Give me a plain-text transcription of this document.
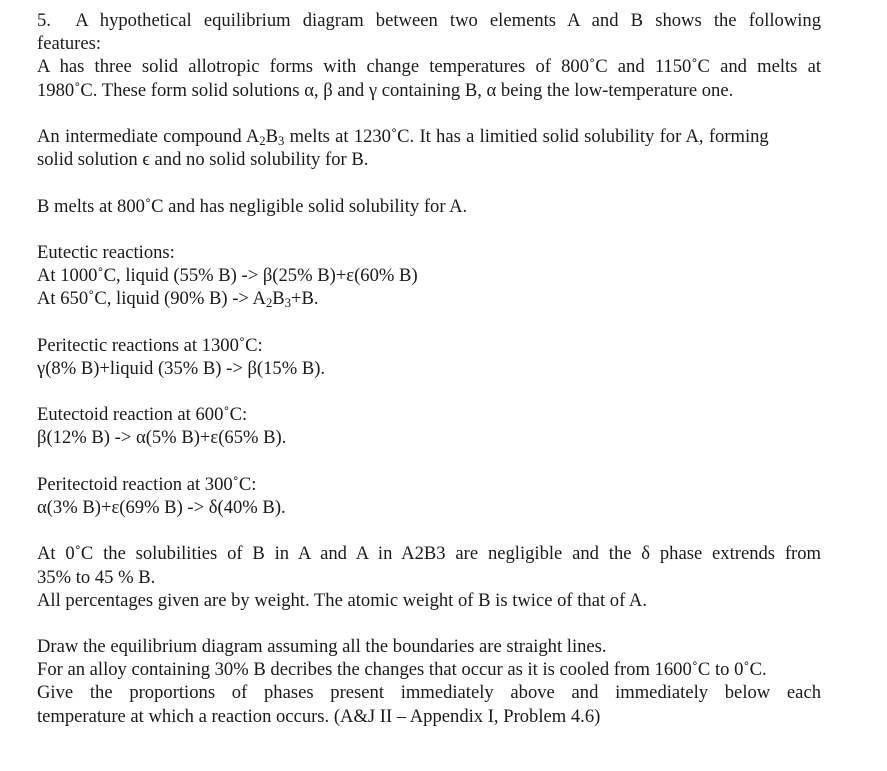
5. A hypothetical equilibrium diagram between two elements A and B shows the following
features:
A has three solid allotropic forms with change temperatures of 800˚C and 1150˚C and melts at
1980˚C. These form solid solutions α, β and γ containing B, α being the low-temperature one.
An intermediate compound $A_2B_3$ melts at 1230˚C. It has a limitied solid solubility for A, forming
solid solution ϵ and no solid solubility for B.
B melts at 800˚C and has negligible solid solubility for A.
Eutectic reactions:
At 1000˚C, liquid (55% B) -> β(25% B)+ε(60% B)
At 650˚C, liquid (90% $B) -> A_2B_3+B$.
Peritectic reactions at 1300˚C:
γ(8% B)+liquid (35% B) -> β(15% B).
Eutectoid reaction at 600˚C:
β(12% B) -> α(5% B)+ε(65% B).
Peritectoid reaction at 300˚C:
α(3% B)+ε(69% B) -> δ(40% B).
At 0˚C the solubilities of B in A and A in A2B3 are negligible and the δ phase extrends from
35% to 45 % B.
All percentages given are by weight. The atomic weight of B is twice of that of A.
Draw the equilibrium diagram assuming all the boundaries are straight lines.
For an alloy containing 30% B decribes the changes that occur as it is cooled from 1600˚C to 0˚C.
Give the proportions of phases present immediately above and immediately below each
temperature at which a reaction occurs. (A&J II – Appendix I, Problem 4.6)
